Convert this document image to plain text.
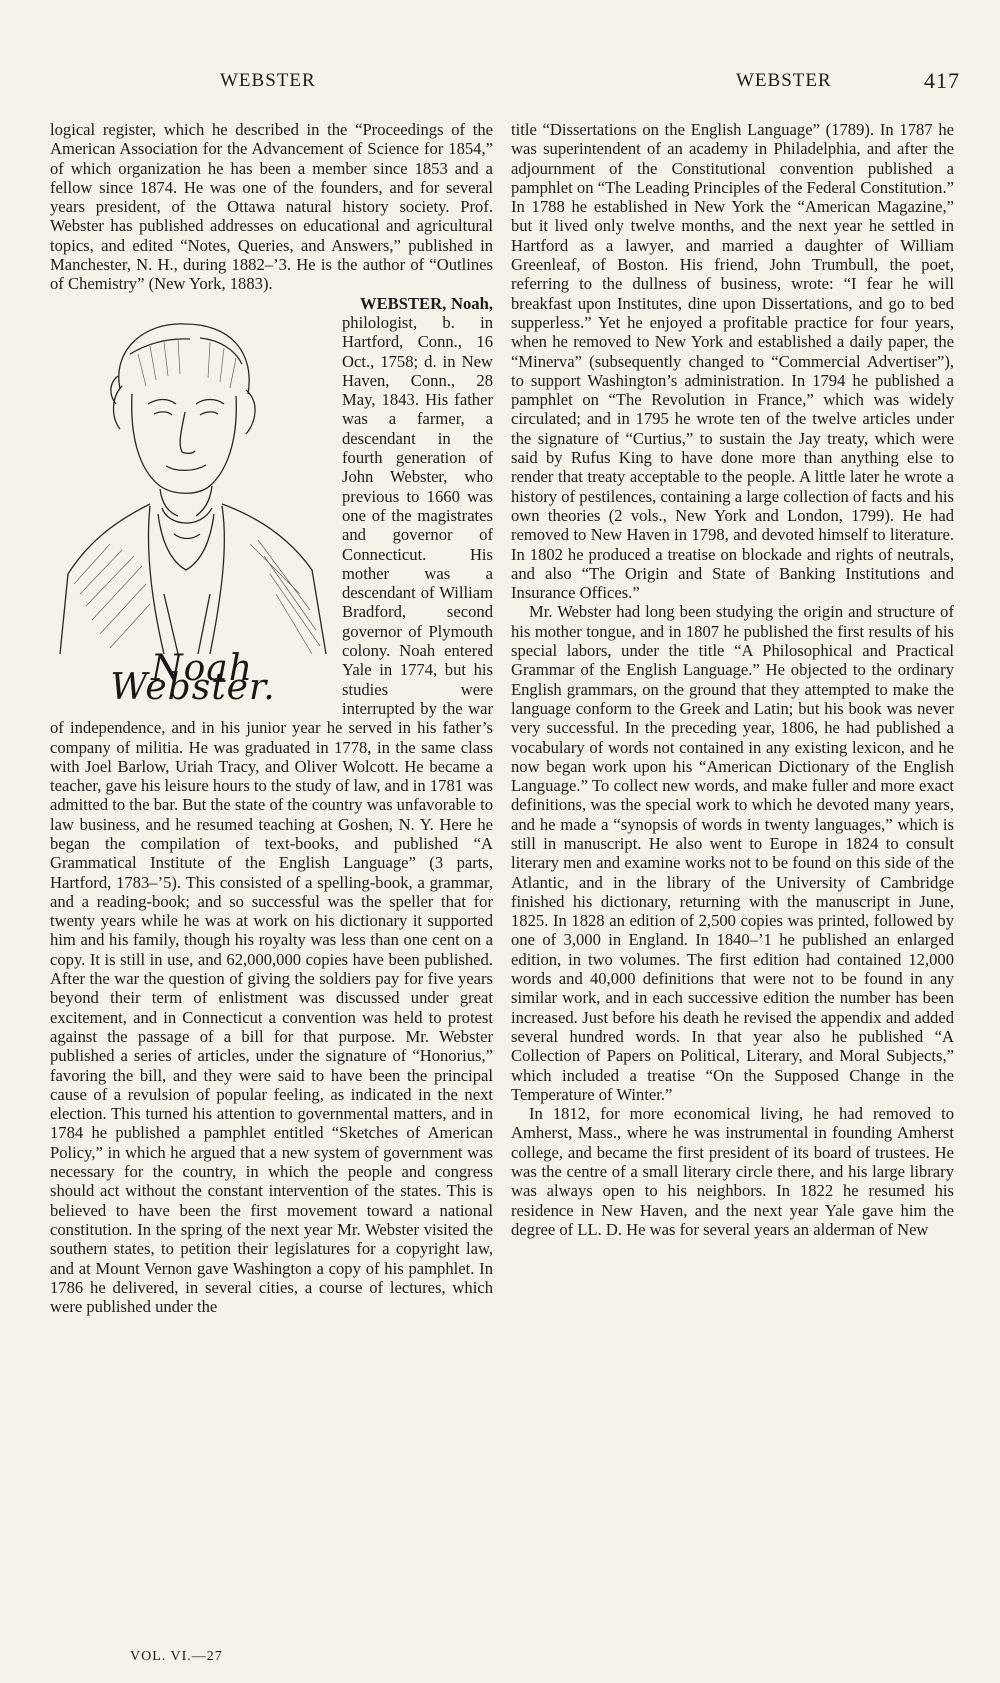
WEBSTER	WEBSTER	417

logical register, which he described in the “Proceedings of the American Association for the Advancement of Science for 1854,” of which organization he has been a member since 1853 and a fellow since 1874. He was one of the founders, and for several years president, of the Ottawa natural history society. Prof. Webster has published addresses on educational and agricultural topics, and edited “Notes, Queries, and Answers,” published in Manchester, N. H., during 1882–’3. He is the author of “Outlines of Chemistry” (New York, 1883).

WEBSTER, Noah,
Noah Webster.
philologist, b. in Hartford, Conn., 16 Oct., 1758; d. in New Haven, Conn., 28 May, 1843. His father was a farmer, a descendant in the fourth generation of John Webster, who previous to 1660 was one of the magistrates and governor of Connecticut. His mother was a descendant of William Bradford, second governor of Plymouth colony. Noah entered Yale in 1774, but his studies were interrupted by the war of independence, and in his junior year he served in his father’s company of militia. He was graduated in 1778, in the same class with Joel Barlow, Uriah Tracy, and Oliver Wolcott. He became a teacher, gave his leisure hours to the study of law, and in 1781 was admitted to the bar. But the state of the country was unfavorable to law business, and he resumed teaching at Goshen, N. Y. Here he began the compilation of text-books, and published “A Grammatical Institute of the English Language” (3 parts, Hartford, 1783–’5). This consisted of a spelling-book, a grammar, and a reading-book; and so successful was the speller that for twenty years while he was at work on his dictionary it supported him and his family, though his royalty was less than one cent on a copy. It is still in use, and 62,000,000 copies have been published. After the war the question of giving the soldiers pay for five years beyond their term of enlistment was discussed under great excitement, and in Connecticut a convention was held to protest against the passage of a bill for that purpose. Mr. Webster published a series of articles, under the signature of “Honorius,” favoring the bill, and they were said to have been the principal cause of a revulsion of popular feeling, as indicated in the next election. This turned his attention to governmental matters, and in 1784 he published a pamphlet entitled “Sketches of American Policy,” in which he argued that a new system of government was necessary for the country, in which the people and congress should act without the constant intervention of the states. This is believed to have been the first movement toward a national constitution. In the spring of the next year Mr. Webster visited the southern states, to petition their legislatures for a copyright law, and at Mount Vernon gave Washington a copy of his pamphlet. In 1786 he delivered, in several cities, a course of lectures, which were published under the

title “Dissertations on the English Language” (1789). In 1787 he was superintendent of an academy in Philadelphia, and after the adjournment of the Constitutional convention published a pamphlet on “The Leading Principles of the Federal Constitution.” In 1788 he established in New York the “American Magazine,” but it lived only twelve months, and the next year he settled in Hartford as a lawyer, and married a daughter of William Greenleaf, of Boston. His friend, John Trumbull, the poet, referring to the dullness of business, wrote: “I fear he will breakfast upon Institutes, dine upon Dissertations, and go to bed supperless.” Yet he enjoyed a profitable practice for four years, when he removed to New York and established a daily paper, the “Minerva” (subsequently changed to “Commercial Advertiser”), to support Washington’s administration. In 1794 he published a pamphlet on “The Revolution in France,” which was widely circulated; and in 1795 he wrote ten of the twelve articles under the signature of “Curtius,” to sustain the Jay treaty, which were said by Rufus King to have done more than anything else to render that treaty acceptable to the people. A little later he wrote a history of pestilences, containing a large collection of facts and his own theories (2 vols., New York and London, 1799). He had removed to New Haven in 1798, and devoted himself to literature. In 1802 he produced a treatise on blockade and rights of neutrals, and also “The Origin and State of Banking Institutions and Insurance Offices.”

Mr. Webster had long been studying the origin and structure of his mother tongue, and in 1807 he published the first results of his special labors, under the title “A Philosophical and Practical Grammar of the English Language.” He objected to the ordinary English grammars, on the ground that they attempted to make the language conform to the Greek and Latin; but his book was never very successful. In the preceding year, 1806, he had published a vocabulary of words not contained in any existing lexicon, and he now began work upon his “American Dictionary of the English Language.” To collect new words, and make fuller and more exact definitions, was the special work to which he devoted many years, and he made a “synopsis of words in twenty languages,” which is still in manuscript. He also went to Europe in 1824 to consult literary men and examine works not to be found on this side of the Atlantic, and in the library of the University of Cambridge finished his dictionary, returning with the manuscript in June, 1825. In 1828 an edition of 2,500 copies was printed, followed by one of 3,000 in England. In 1840–’1 he published an enlarged edition, in two volumes. The first edition had contained 12,000 words and 40,000 definitions that were not to be found in any similar work, and in each successive edition the number has been increased. Just before his death he revised the appendix and added several hundred words. In that year also he published “A Collection of Papers on Political, Literary, and Moral Subjects,” which included a treatise “On the Supposed Change in the Temperature of Winter.”

In 1812, for more economical living, he had removed to Amherst, Mass., where he was instrumental in founding Amherst college, and became the first president of its board of trustees. He was the centre of a small literary circle there, and his large library was always open to his neighbors. In 1822 he resumed his residence in New Haven, and the next year Yale gave him the degree of LL. D. He was for several years an alderman of New

VOL. VI.—27
